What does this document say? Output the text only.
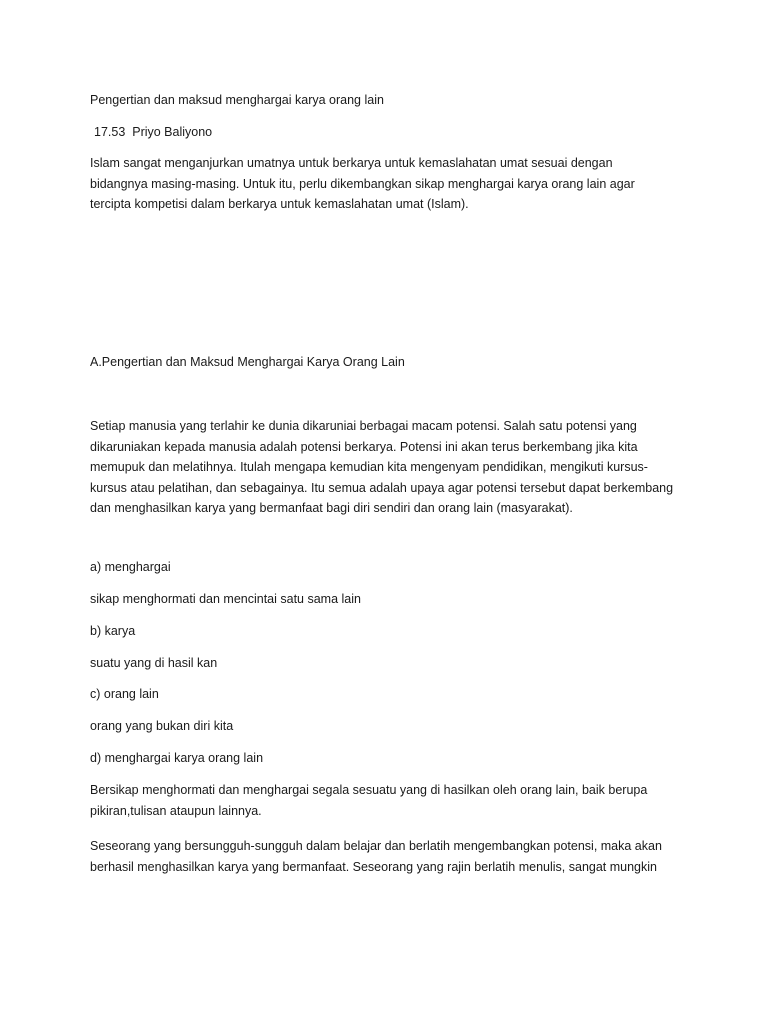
Pengertian dan maksud menghargai karya orang lain

17.53 Priyo Baliyono

Islam sangat menganjurkan umatnya untuk berkarya untuk kemaslahatan umat sesuai dengan
bidangnya masing-masing. Untuk itu, perlu dikembangkan sikap menghargai karya orang lain agar
tercipta kompetisi dalam berkarya untuk kemaslahatan umat (Islam).

A.Pengertian dan Maksud Menghargai Karya Orang Lain

Setiap manusia yang terlahir ke dunia dikaruniai berbagai macam potensi. Salah satu potensi yang
dikaruniakan kepada manusia adalah potensi berkarya. Potensi ini akan terus berkembang jika kita
memupuk dan melatihnya. Itulah mengapa kemudian kita mengenyam pendidikan, mengikuti kursus-
kursus atau pelatihan, dan sebagainya. Itu semua adalah upaya agar potensi tersebut dapat berkembang
dan menghasilkan karya yang bermanfaat bagi diri sendiri dan orang lain (masyarakat).

a) menghargai

sikap menghormati dan mencintai satu sama lain

b) karya

suatu yang di hasil kan

c) orang lain

orang yang bukan diri kita

d) menghargai karya orang lain

Bersikap menghormati dan menghargai segala sesuatu yang di hasilkan oleh orang lain, baik berupa
pikiran,tulisan ataupun lainnya.
Seseorang yang bersungguh-sungguh dalam belajar dan berlatih mengembangkan potensi, maka akan
berhasil menghasilkan karya yang bermanfaat. Seseorang yang rajin berlatih menulis, sangat mungkin
